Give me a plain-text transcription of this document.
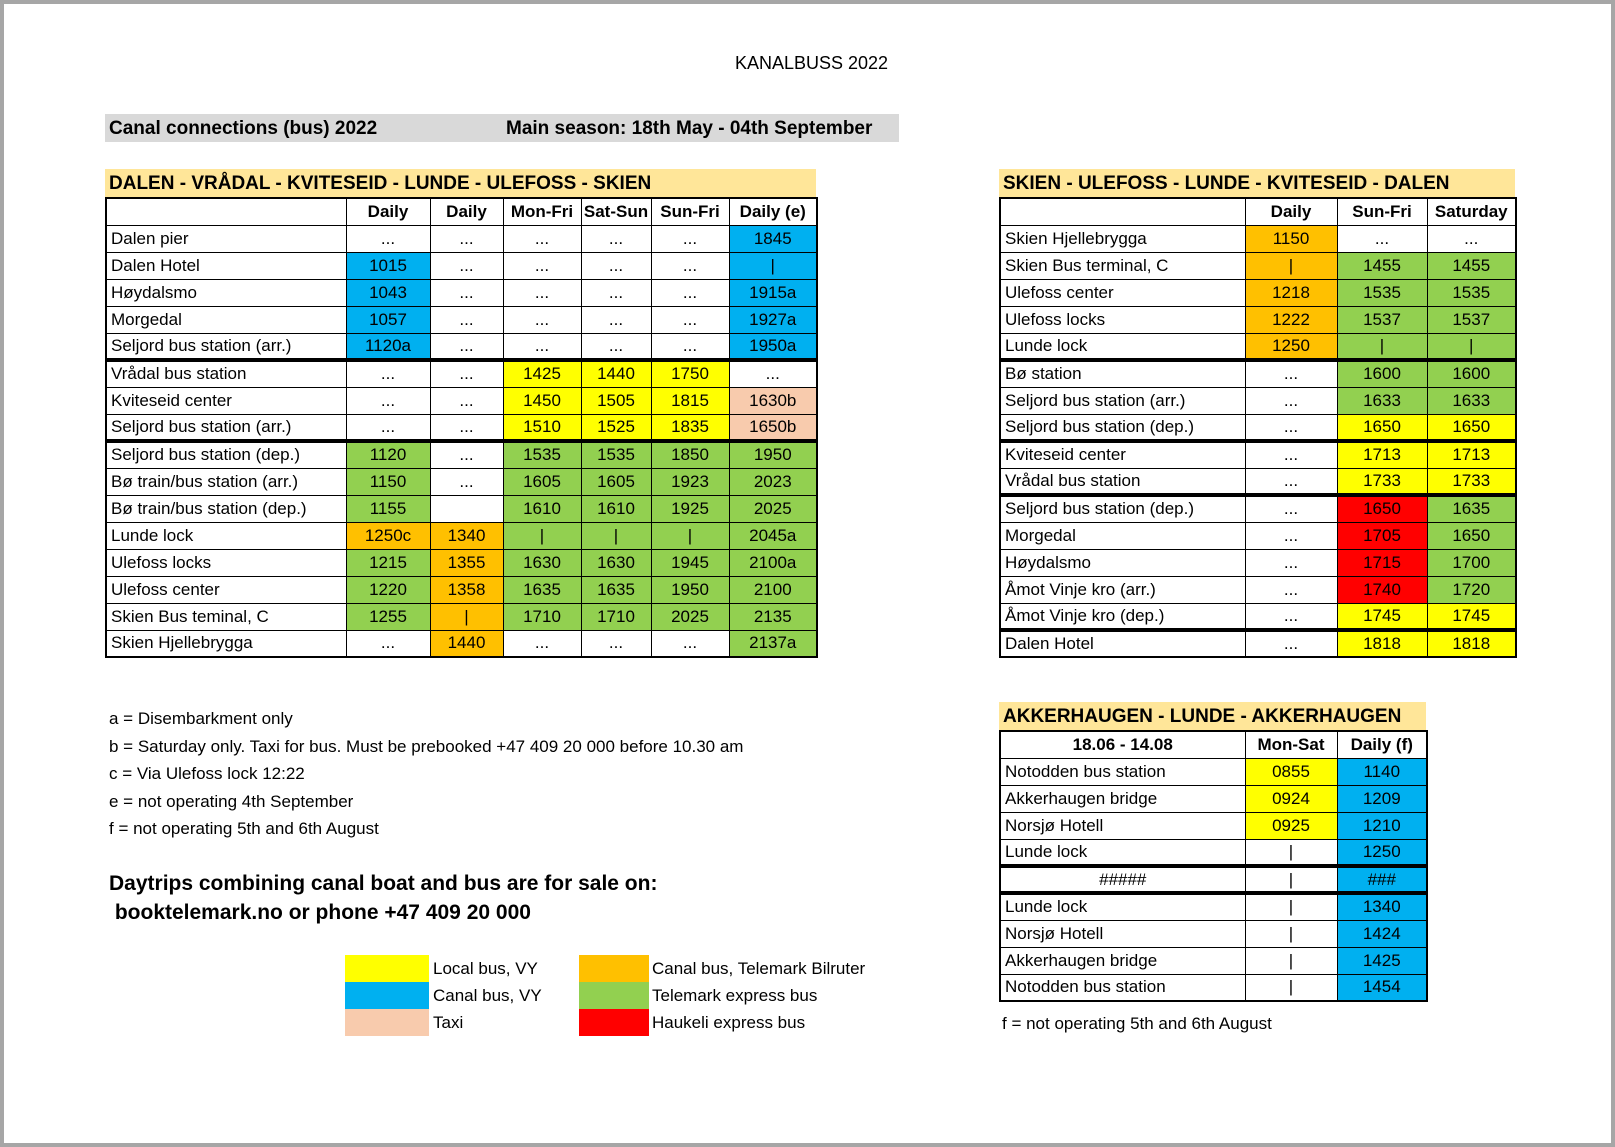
KANALBUSS 2022
Canal connections (bus) 2022	Main season: 18th May - 04th September
DALEN - VRÅDAL - KVITESEID - LUNDE - ULEFOSS - SKIEN
	Daily	Daily	Mon-Fri	Sat-Sun	Sun-Fri	Daily (e)
Dalen pier	...	...	...	...	...	1845
Dalen Hotel	1015	...	...	...	...	|
Høydalsmo	1043	...	...	...	...	1915a
Morgedal	1057	...	...	...	...	1927a
Seljord bus station (arr.)	1120a	...	...	...	...	1950a
Vrådal bus station	...	...	1425	1440	1750	...
Kviteseid center	...	...	1450	1505	1815	1630b
Seljord bus station (arr.)	...	...	1510	1525	1835	1650b
Seljord bus station (dep.)	1120	...	1535	1535	1850	1950
Bø train/bus station (arr.)	1150	...	1605	1605	1923	2023
Bø train/bus station (dep.)	1155		1610	1610	1925	2025
Lunde lock	1250c	1340	|	|	|	2045a
Ulefoss locks	1215	1355	1630	1630	1945	2100a
Ulefoss center	1220	1358	1635	1635	1950	2100
Skien Bus teminal, C	1255	|	1710	1710	2025	2135
Skien Hjellebrygga	...	1440	...	...	...	2137a
SKIEN - ULEFOSS - LUNDE - KVITESEID - DALEN
	Daily	Sun-Fri	Saturday
Skien Hjellebrygga	1150	...	...
Skien Bus terminal, C	|	1455	1455
Ulefoss center	1218	1535	1535
Ulefoss locks	1222	1537	1537
Lunde lock	1250	|	|
Bø station	...	1600	1600
Seljord bus station (arr.)	...	1633	1633
Seljord bus station (dep.)	...	1650	1650
Kviteseid center	...	1713	1713
Vrådal bus station	...	1733	1733
Seljord bus station (dep.)	...	1650	1635
Morgedal	...	1705	1650
Høydalsmo	...	1715	1700
Åmot Vinje kro (arr.)	...	1740	1720
Åmot Vinje kro (dep.)	...	1745	1745
Dalen Hotel	...	1818	1818
AKKERHAUGEN - LUNDE - AKKERHAUGEN
18.06 - 14.08	Mon-Sat	Daily (f)
Notodden bus station	0855	1140
Akkerhaugen bridge	0924	1209
Norsjø Hotell	0925	1210
Lunde lock	|	1250
#####	|	###
Lunde lock	|	1340
Norsjø Hotell	|	1424
Akkerhaugen bridge	|	1425
Notodden bus station	|	1454
f = not operating 5th and 6th August
a = Disembarkment only
b = Saturday only. Taxi for bus. Must be prebooked +47 409 20 000 before 10.30 am
c = Via Ulefoss lock 12:22
e = not operating 4th September
f = not operating 5th and 6th August
Daytrips combining canal boat and bus are for sale on:
booktelemark.no or phone +47 409 20 000
Local bus, VY
Canal bus, VY
Taxi
Canal bus, Telemark Bilruter
Telemark express bus
Haukeli express bus
